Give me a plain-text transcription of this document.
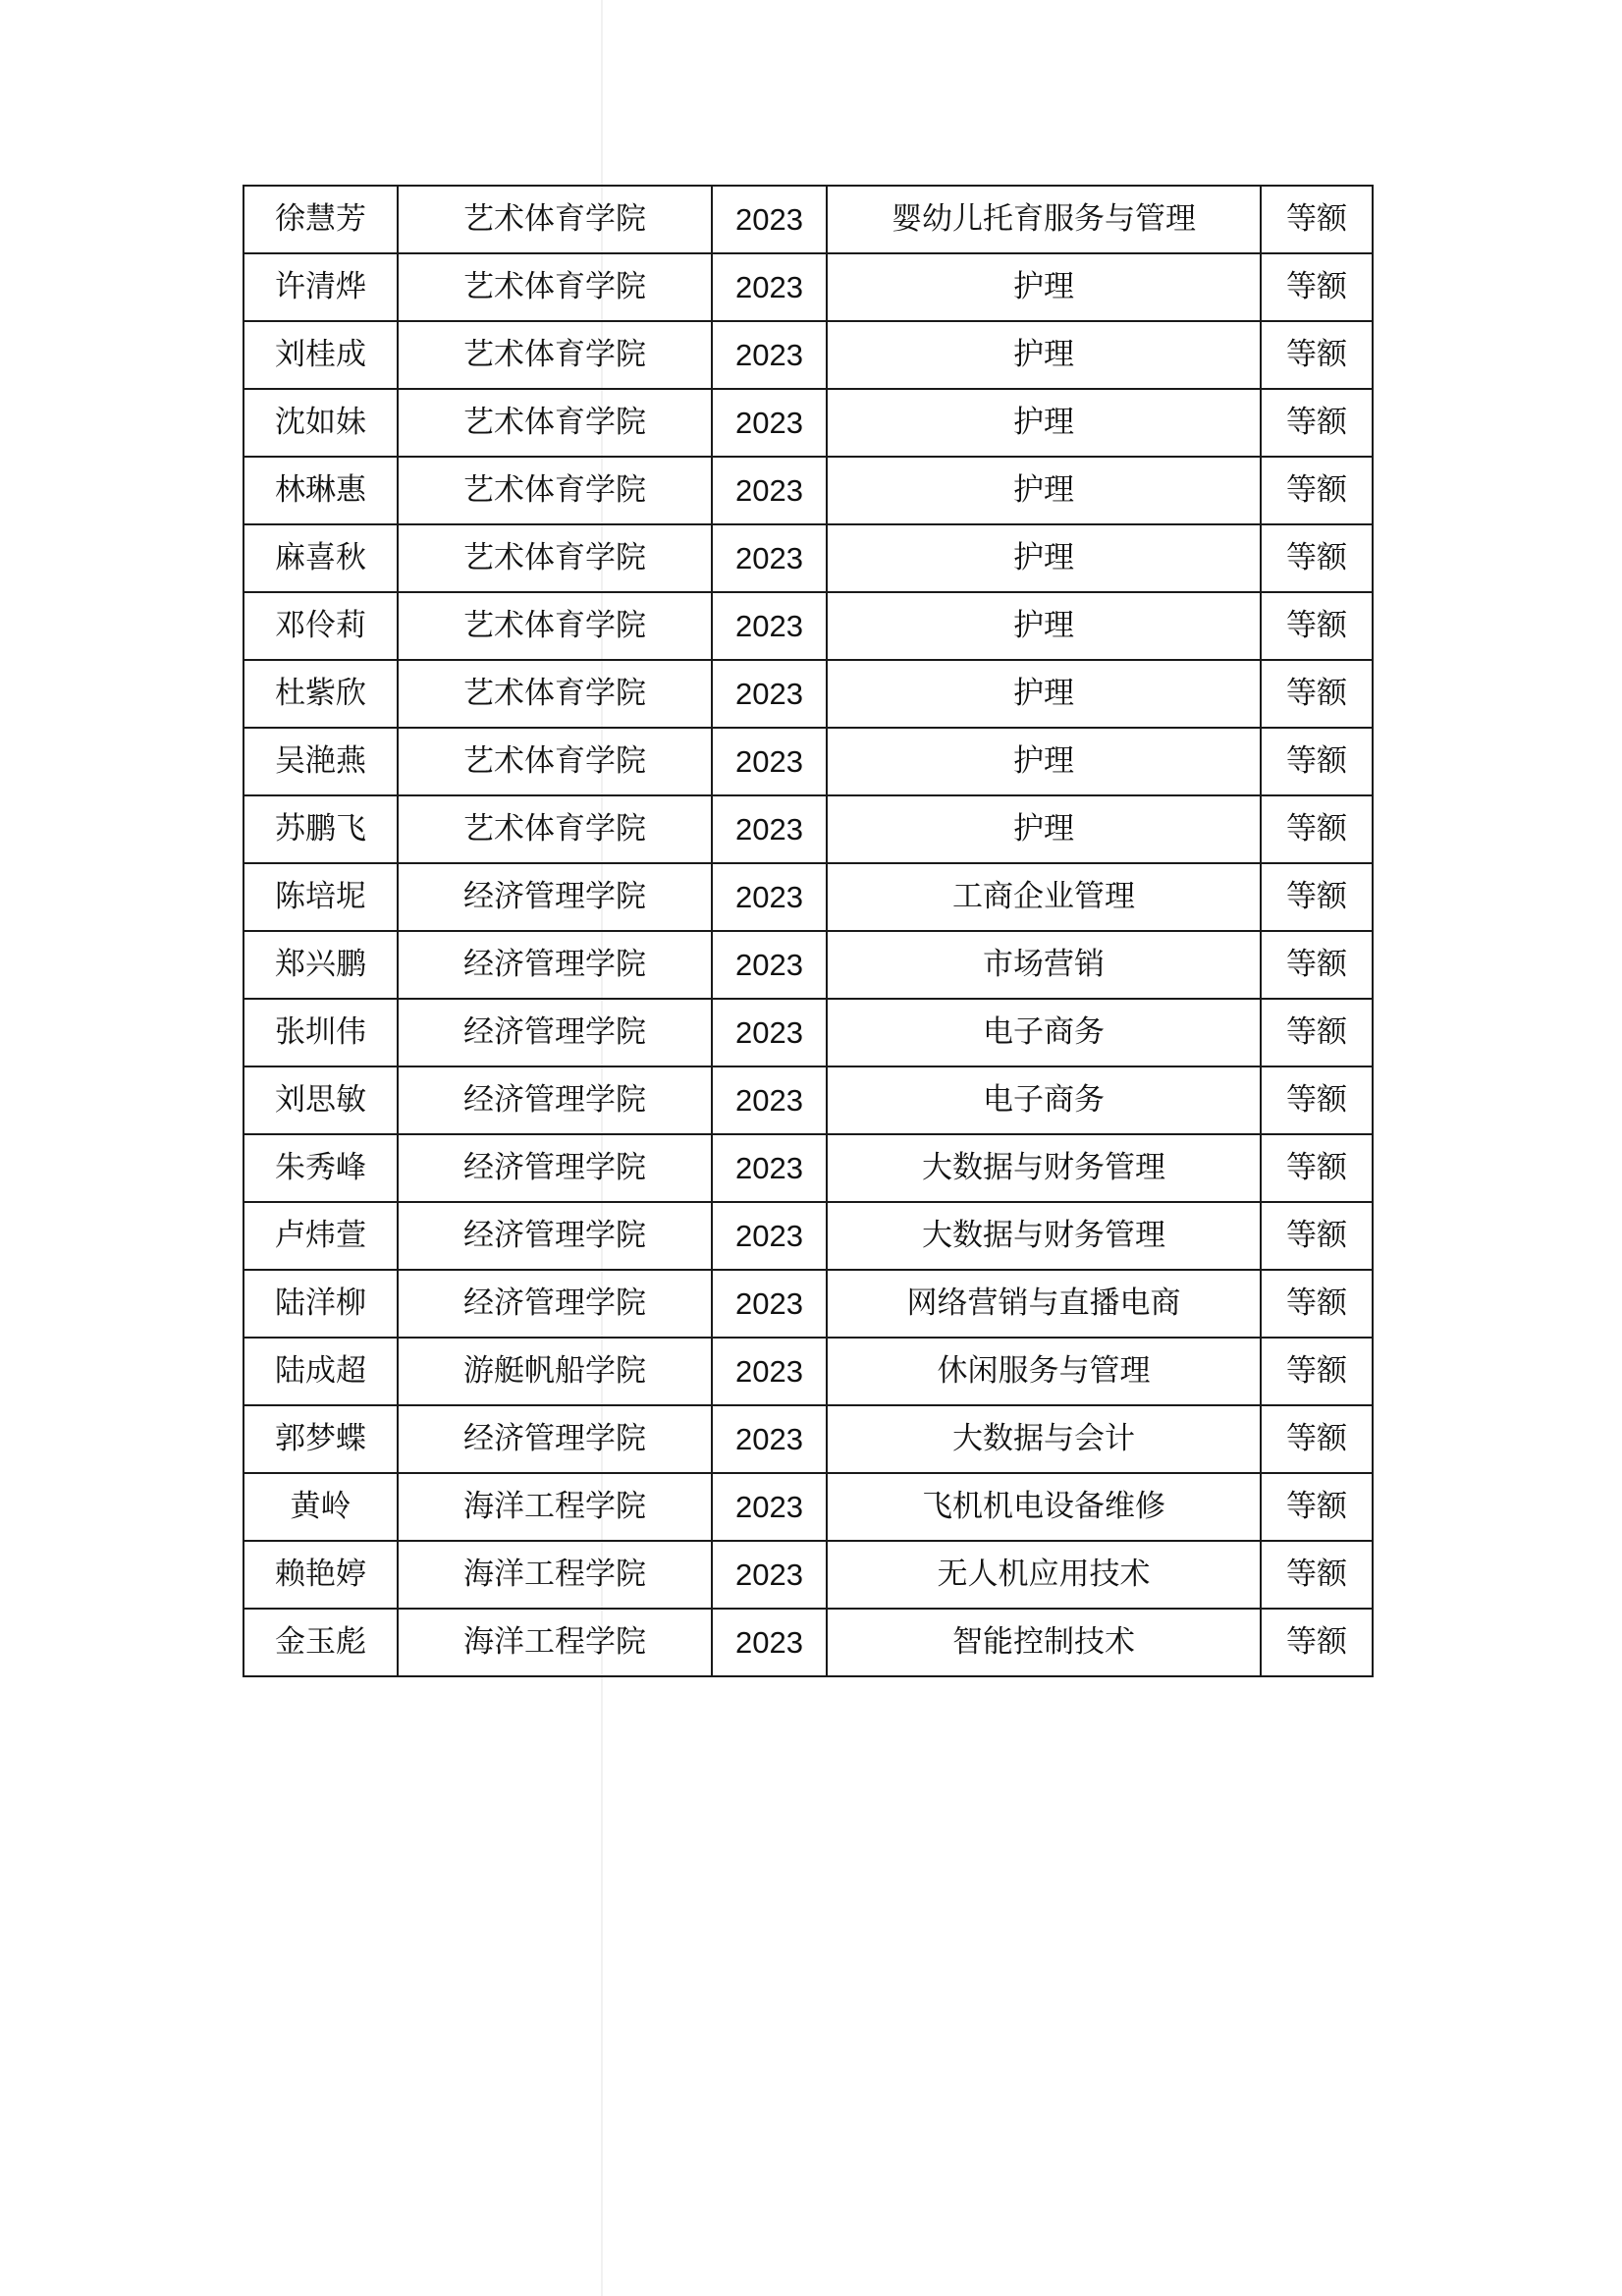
徐慧芳	艺术体育学院	2023	婴幼儿托育服务与管理	等额
许清烨	艺术体育学院	2023	护理	等额
刘桂成	艺术体育学院	2023	护理	等额
沈如妹	艺术体育学院	2023	护理	等额
林琳惠	艺术体育学院	2023	护理	等额
麻喜秋	艺术体育学院	2023	护理	等额
邓伶莉	艺术体育学院	2023	护理	等额
杜紫欣	艺术体育学院	2023	护理	等额
吴滟燕	艺术体育学院	2023	护理	等额
苏鹏飞	艺术体育学院	2023	护理	等额
陈培坭	经济管理学院	2023	工商企业管理	等额
郑兴鹏	经济管理学院	2023	市场营销	等额
张圳伟	经济管理学院	2023	电子商务	等额
刘思敏	经济管理学院	2023	电子商务	等额
朱秀峰	经济管理学院	2023	大数据与财务管理	等额
卢炜萱	经济管理学院	2023	大数据与财务管理	等额
陆洋柳	经济管理学院	2023	网络营销与直播电商	等额
陆成超	游艇帆船学院	2023	休闲服务与管理	等额
郭梦蝶	经济管理学院	2023	大数据与会计	等额
黄岭	海洋工程学院	2023	飞机机电设备维修	等额
赖艳婷	海洋工程学院	2023	无人机应用技术	等额
金玉彪	海洋工程学院	2023	智能控制技术	等额
